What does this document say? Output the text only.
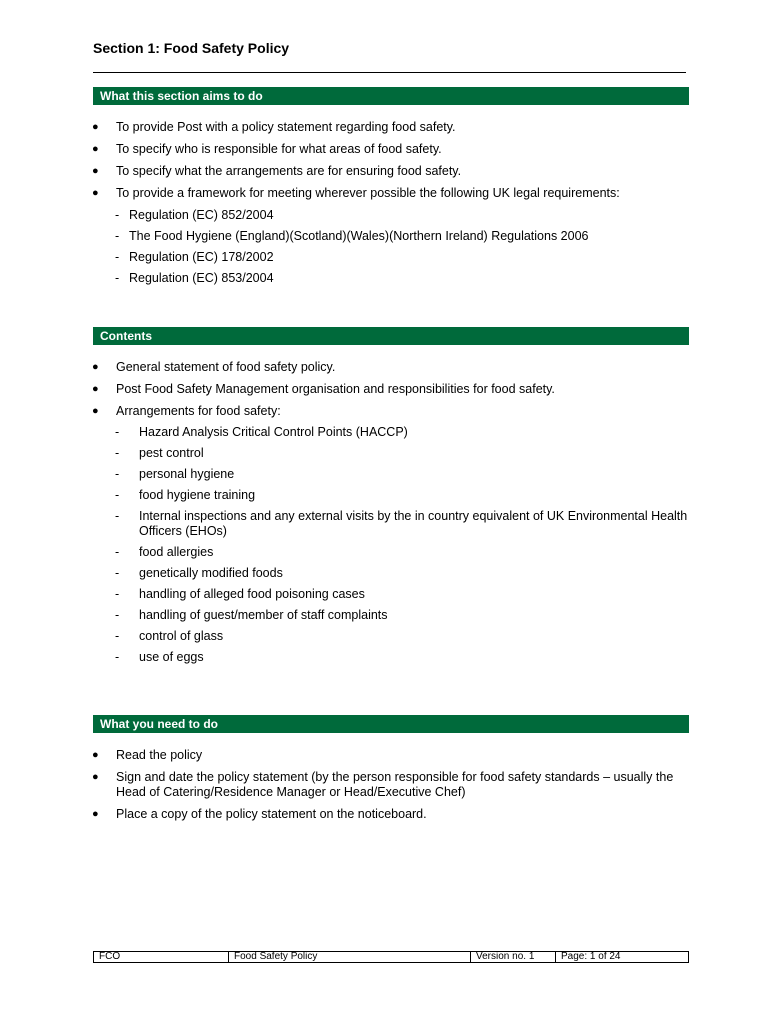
Section 1: Food Safety Policy
What this section aims to do
● To provide Post with a policy statement regarding food safety.
● To specify who is responsible for what areas of food safety.
● To specify what the arrangements are for ensuring food safety.
● To provide a framework for meeting wherever possible the following UK legal requirements:
- Regulation (EC) 852/2004
- The Food Hygiene (England)(Scotland)(Wales)(Northern Ireland) Regulations 2006
- Regulation (EC) 178/2002
- Regulation (EC) 853/2004
Contents
● General statement of food safety policy.
● Post Food Safety Management organisation and responsibilities for food safety.
● Arrangements for food safety:
- Hazard Analysis Critical Control Points (HACCP)
- pest control
- personal hygiene
- food hygiene training
- Internal inspections and any external visits by the in country equivalent of UK Environmental Health Officers (EHOs)
- food allergies
- genetically modified foods
- handling of alleged food poisoning cases
- handling of guest/member of staff complaints
- control of glass
- use of eggs
What you need to do
● Read the policy
● Sign and date the policy statement (by the person responsible for food safety standards – usually the Head of Catering/Residence Manager or Head/Executive Chef)
● Place a copy of the policy statement on the noticeboard.
FCO	Food Safety Policy	Version no. 1	Page: 1 of 24
